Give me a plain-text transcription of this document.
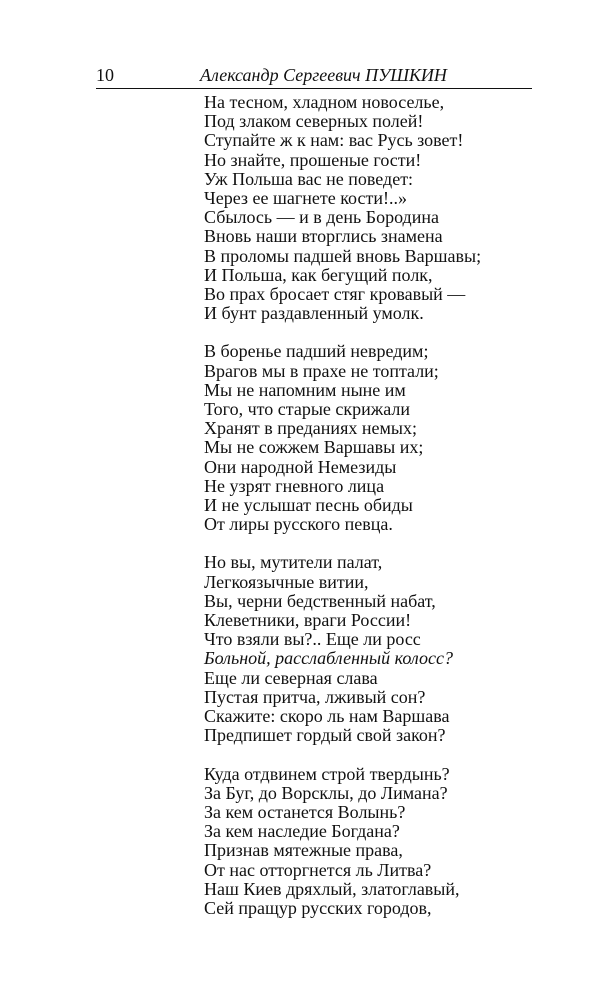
10	Александр Сергеевич ПУШКИН
На тесном, хладном новоселье,
Под злаком северных полей!
Ступайте ж к нам: вас Русь зовет!
Но знайте, прошеные гости!
Уж Польша вас не поведет:
Через ее шагнете кости!..»
Сбылось — и в день Бородина
Вновь наши вторглись знамена
В проломы падшей вновь Варшавы;
И Польша, как бегущий полк,
Во прах бросает стяг кровавый —
И бунт раздавленный умолк.
В боренье падший невредим;
Врагов мы в прахе не топтали;
Мы не напомним ныне им
Того, что старые скрижали
Хранят в преданиях немых;
Мы не сожжем Варшавы их;
Они народной Немезиды
Не узрят гневного лица
И не услышат песнь обиды
От лиры русского певца.
Но вы, мутители палат,
Легкоязычные витии,
Вы, черни бедственный набат,
Клеветники, враги России!
Что взяли вы?.. Еще ли росс
Больной, расслабленный колосс?
Еще ли северная слава
Пустая притча, лживый сон?
Скажите: скоро ль нам Варшава
Предпишет гордый свой закон?
Куда отдвинем строй твердынь?
За Буг, до Ворсклы, до Лимана?
За кем останется Волынь?
За кем наследие Богдана?
Признав мятежные права,
От нас отторгнется ль Литва?
Наш Киев дряхлый, златоглавый,
Сей пращур русских городов,
